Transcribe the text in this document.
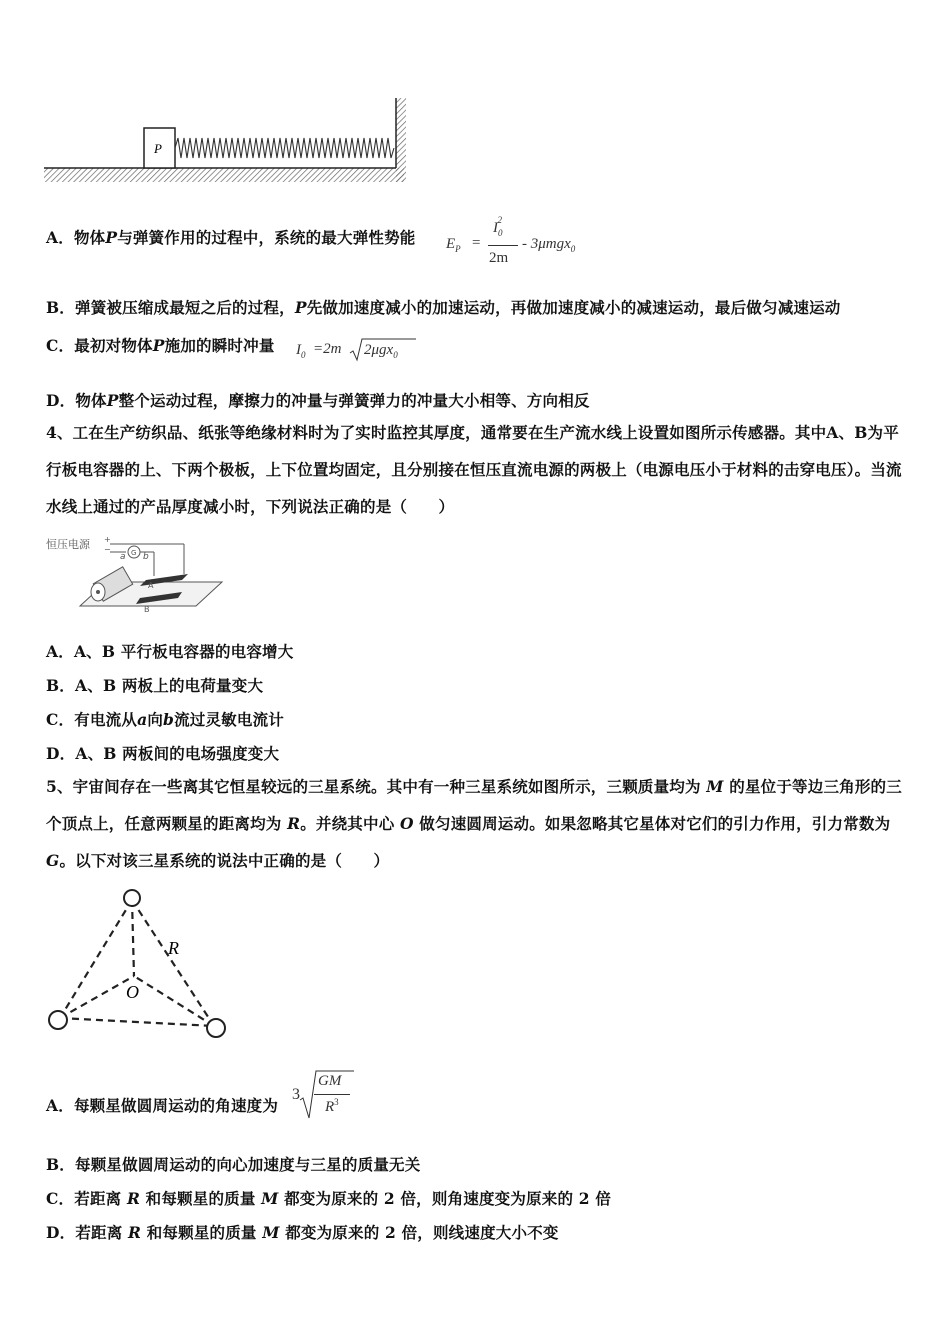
P
A．物体P与弹簧作用的过程中，系统的最大弹性势能 $E_P$ =
$I_0^2$
2m
- 3μmgx$_0$
B．弹簧被压缩成最短之后的过程，P先做加速度减小的加速运动，再做加速度减小的减速运动，最后做匀减速运动
C．最初对物体P施加的瞬时冲量 $I_0 =2m$ 2μgx$_0$
D．物体P整个运动过程，摩擦力的冲量与弹簧弹力的冲量大小相等、方向相反
4、工在生产纺织品、纸张等绝缘材料时为了实时监控其厚度，通常要在生产流水线上设置如图所示传感器。其中A、B为平行板电容器的上、下两个极板，上下位置均固定，且分别接在恒压直流电源的两极上（电源电压小于材料的击穿电压）。当流水线上通过的产品厚度减小时，下列说法正确的是（　　）
恒压电源 +
−
a G b
A
B
A．A、B 平行板电容器的电容增大
B．A、B 两板上的电荷量变大
C．有电流从a向b流过灵敏电流计
D．A、B 两板间的电场强度变大
5、宇宙间存在一些离其它恒星较远的三星系统。其中有一种三星系统如图所示，三颗质量均为 M 的星位于等边三角形的三个顶点上，任意两颗星的距离均为 R。并绕其中心 O 做匀速圆周运动。如果忽略其它星体对它们的引力作用，引力常数为 G。以下对该三星系统的说法中正确的是（　　）
R
O
A．每颗星做圆周运动的角速度为
3
GM
$R^3$
B．每颗星做圆周运动的向心加速度与三星的质量无关
C．若距离 R 和每颗星的质量 M 都变为原来的 2 倍，则角速度变为原来的 2 倍
D．若距离 R 和每颗星的质量 M 都变为原来的 2 倍，则线速度大小不变
